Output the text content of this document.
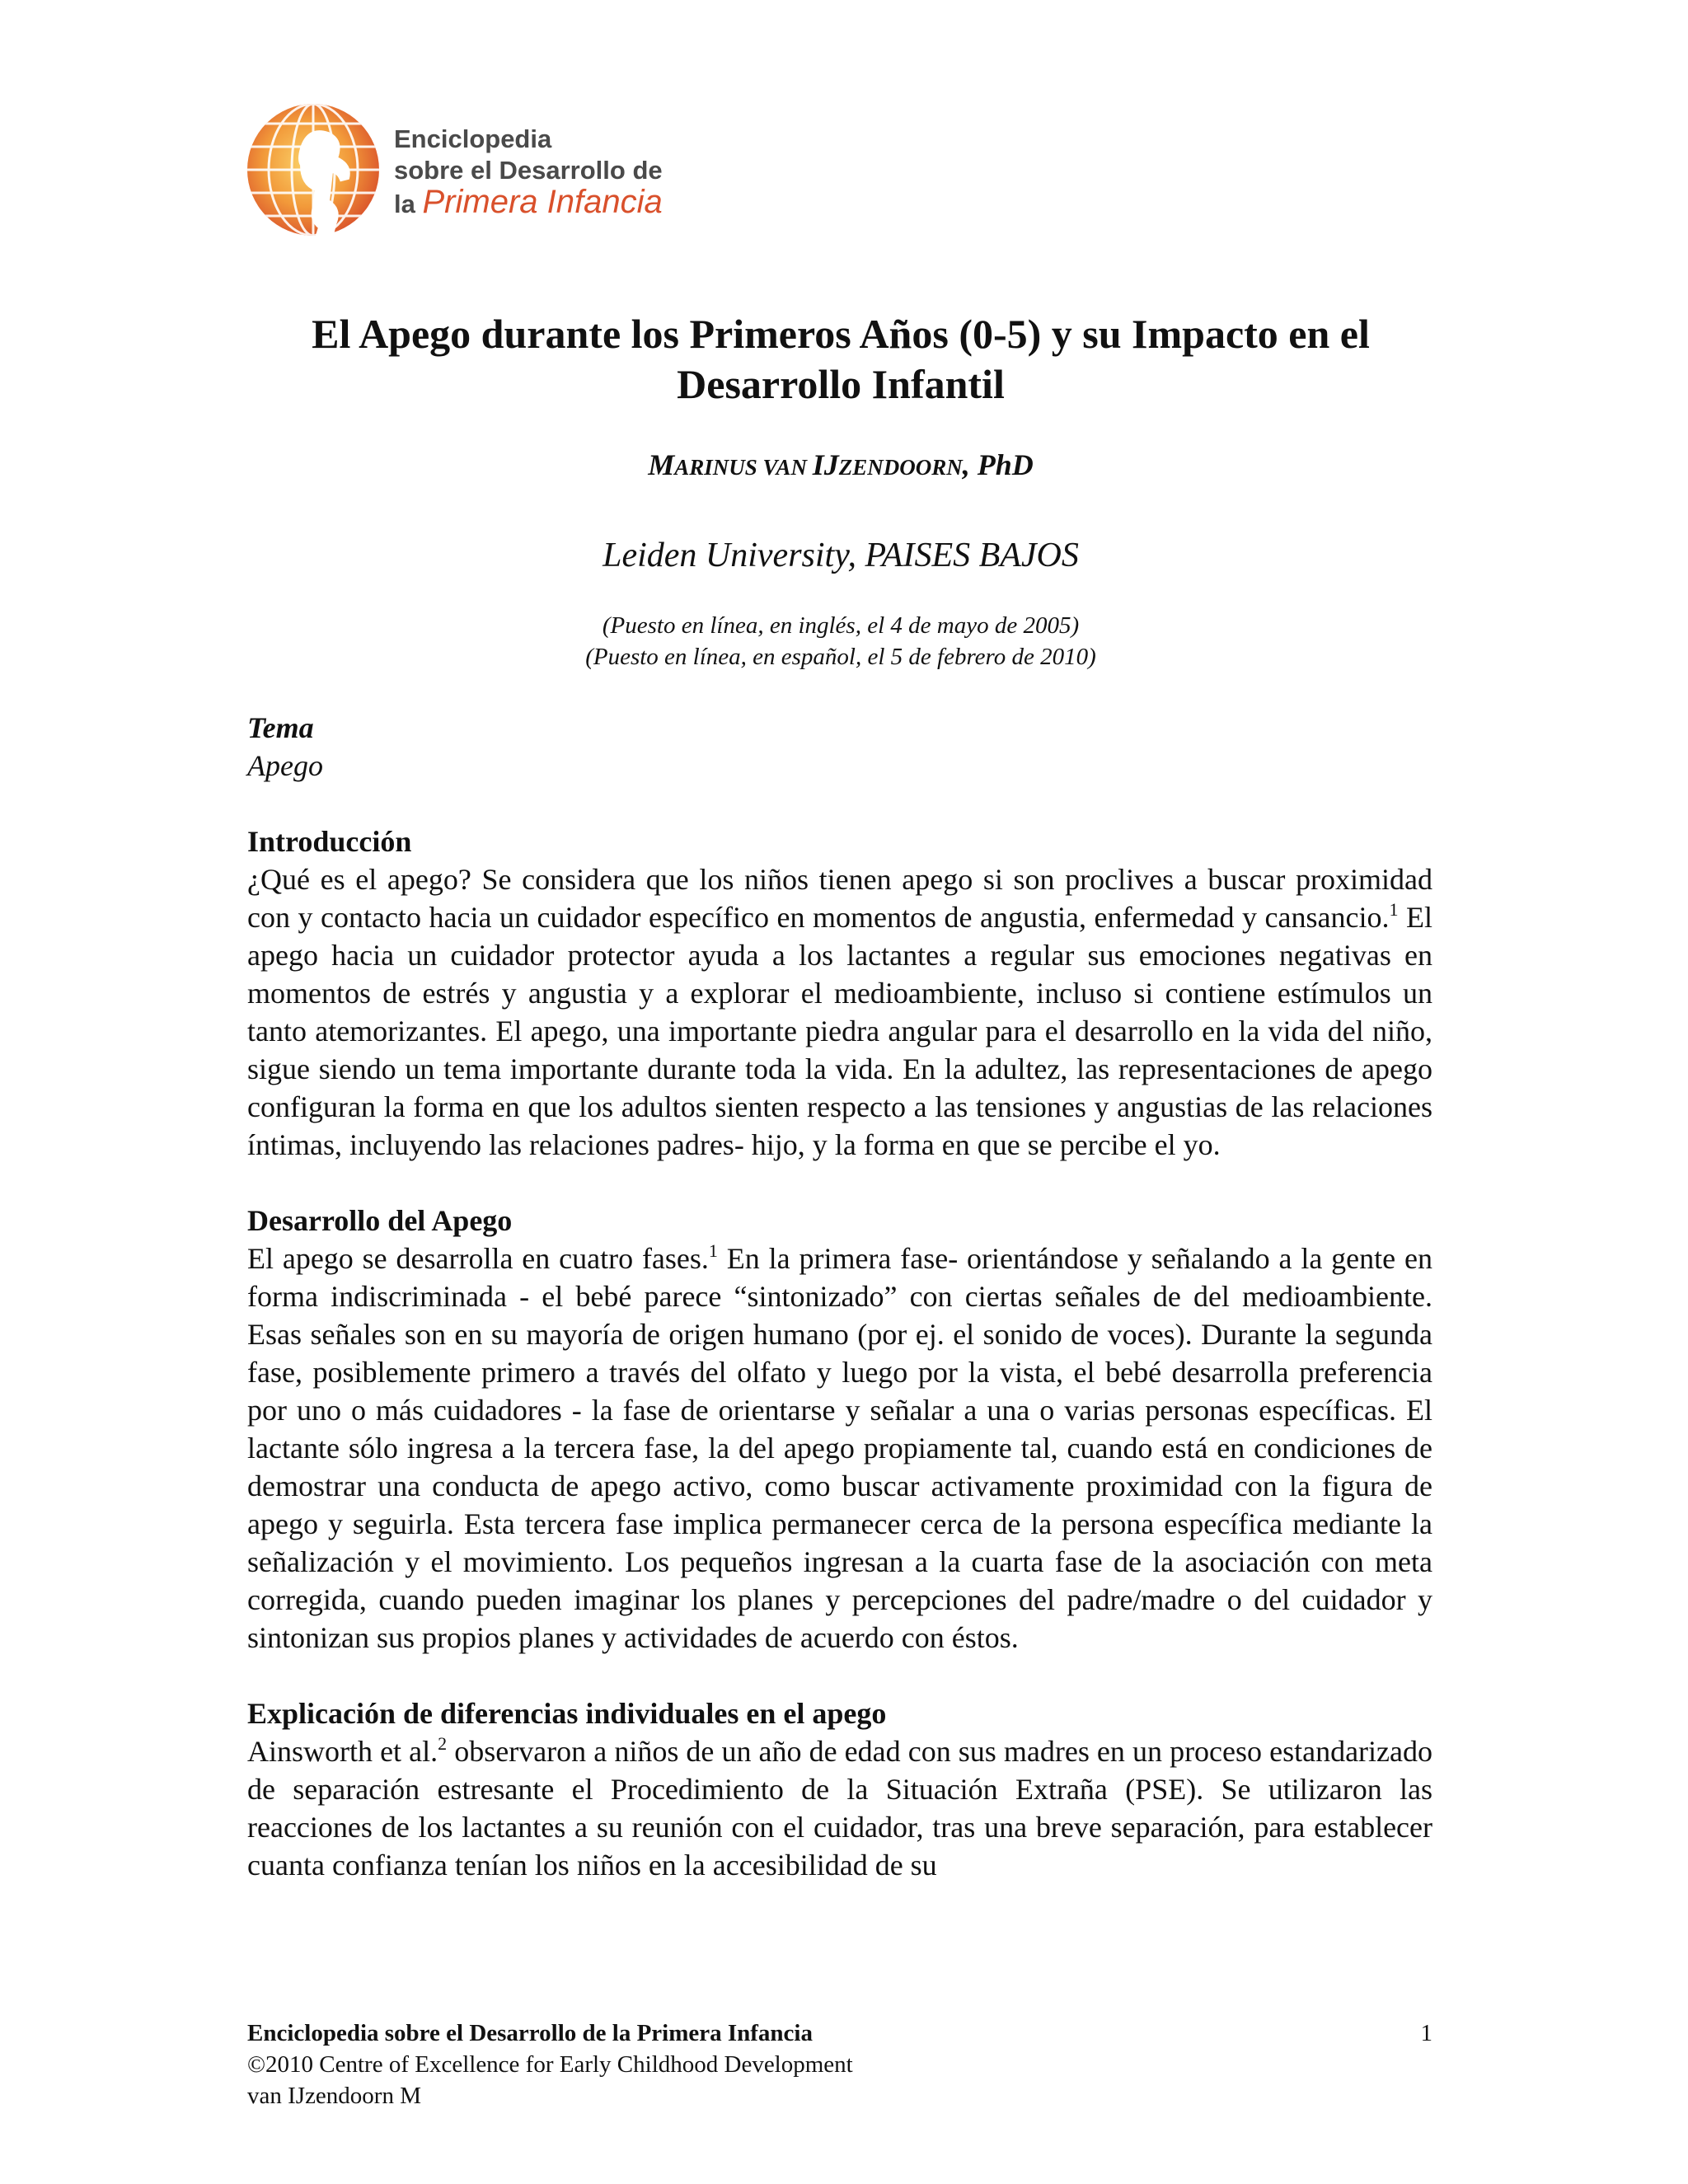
Enciclopedia
sobre el Desarrollo de
la Primera Infancia
El Apego durante los Primeros Años (0-5) y su Impacto en el
Desarrollo Infantil
MARINUS VAN IJZENDOORN, PhD
Leiden University, PAISES BAJOS
(Puesto en línea, en inglés, el 4 de mayo de 2005)
(Puesto en línea, en español, el 5 de febrero de 2010)

Tema

Apego

Introducción

¿Qué es el apego? Se considera que los niños tienen apego si son proclives a buscar proximidad con y contacto hacia un cuidador específico en momentos de angustia, enfermedad y cansancio.$^1$ El apego hacia un cuidador protector ayuda a los lactantes a regular sus emociones negativas en momentos de estrés y angustia y a explorar el medioambiente, incluso si contiene estímulos un tanto atemorizantes. El apego, una importante piedra angular para el desarrollo en la vida del niño, sigue siendo un tema importante durante toda la vida. En la adultez, las representaciones de apego configuran la forma en que los adultos sienten respecto a las tensiones y angustias de las relaciones íntimas, incluyendo las relaciones padres- hijo, y la forma en que se percibe el yo.

Desarrollo del Apego

El apego se desarrolla en cuatro fases.$^1$ En la primera fase- orientándose y señalando a la gente en forma indiscriminada - el bebé parece “sintonizado” con ciertas señales de del medioambiente. Esas señales son en su mayoría de origen humano (por ej. el sonido de voces). Durante la segunda fase, posiblemente primero a través del olfato y luego por la vista, el bebé desarrolla preferencia por uno o más cuidadores - la fase de orientarse y señalar a una o varias personas específicas. El lactante sólo ingresa a la tercera fase, la del apego propiamente tal, cuando está en condiciones de demostrar una conducta de apego activo, como buscar activamente proximidad con la figura de apego y seguirla. Esta tercera fase implica permanecer cerca de la persona específica mediante la señalización y el movimiento. Los pequeños ingresan a la cuarta fase de la asociación con meta corregida, cuando pueden imaginar los planes y percepciones del padre/madre o del cuidador y sintonizan sus propios planes y actividades de acuerdo con éstos.

Explicación de diferencias individuales en el apego

Ainsworth et al.$^2$ observaron a niños de un año de edad con sus madres en un proceso estandarizado de separación estresante el Procedimiento de la Situación Extraña (PSE). Se utilizaron las reacciones de los lactantes a su reunión con el cuidador, tras una breve separación, para establecer cuanta confianza tenían los niños en la accesibilidad de su

Enciclopedia sobre el Desarrollo de la Primera Infancia
©2010 Centre of Excellence for Early Childhood Development
van IJzendoorn M
1
